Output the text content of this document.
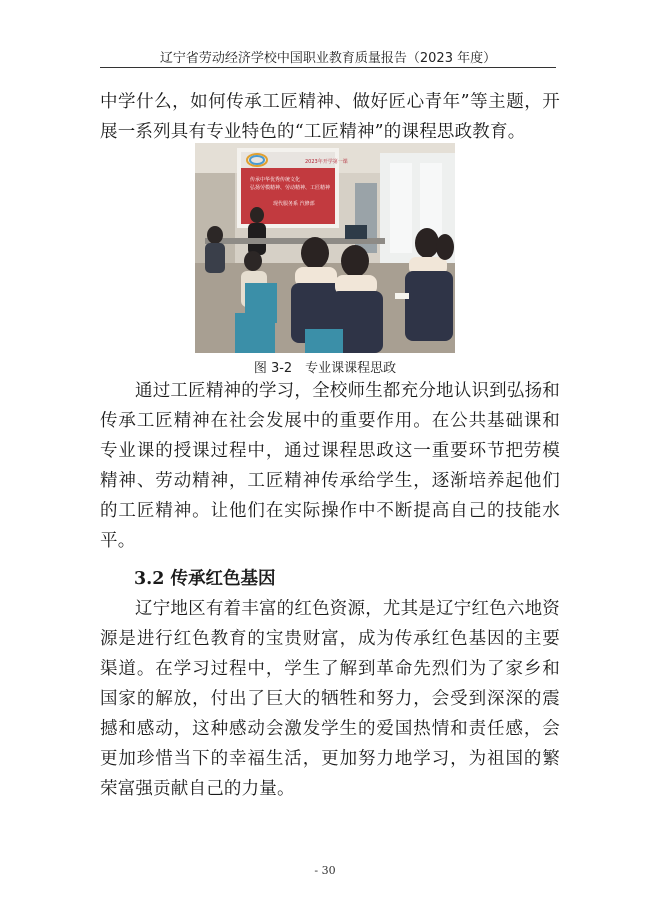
辽宁省劳动经济学校中国职业教育质量报告（2023 年度）

中学什么，如何传承工匠精神、做好匠心青年”等主题，开展一系列具有专业特色的“工匠精神”的课程思政教育。

2023年开学第一课
传承中华优秀传统文化
弘扬劳模精神、劳动精神、工匠精神
现代服务系 汽修部
图 3-2　专业课课程思政

通过工匠精神的学习，全校师生都充分地认识到弘扬和传承工匠精神在社会发展中的重要作用。在公共基础课和专业课的授课过程中，通过课程思政这一重要环节把劳模精神、劳动精神，工匠精神传承给学生，逐渐培养起他们的工匠精神。让他们在实际操作中不断提高自己的技能水平。

3.2 传承红色基因

辽宁地区有着丰富的红色资源，尤其是辽宁红色六地资源是进行红色教育的宝贵财富，成为传承红色基因的主要渠道。在学习过程中，学生了解到革命先烈们为了家乡和国家的解放，付出了巨大的牺牲和努力，会受到深深的震撼和感动，这种感动会激发学生的爱国热情和责任感，会更加珍惜当下的幸福生活，更加努力地学习，为祖国的繁荣富强贡献自己的力量。

- 30
